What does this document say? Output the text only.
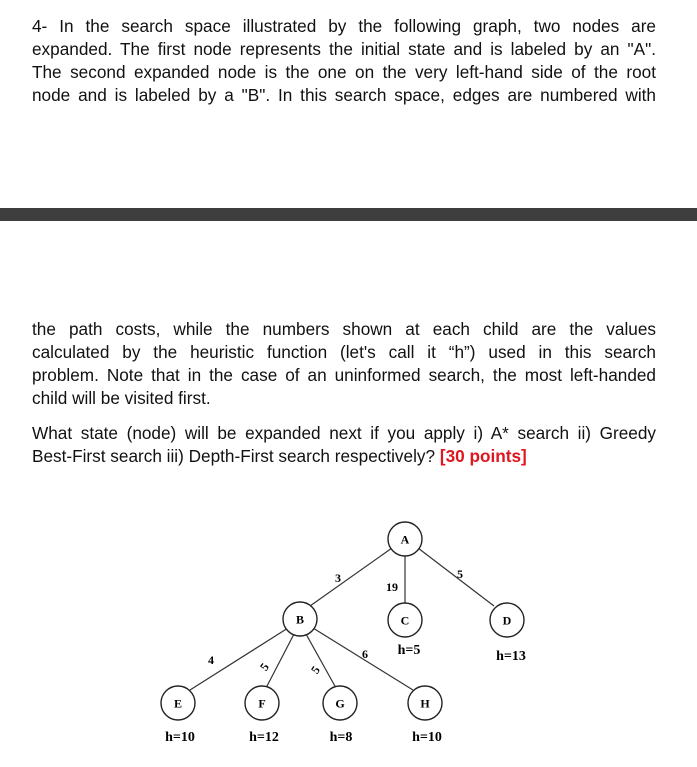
4- In the search space illustrated by the following graph, two nodes are

expanded. The first node represents the initial state and is labeled by an "A".

The second expanded node is the one on the very left-hand side of the root

node and is labeled by a "B". In this search space, edges are numbered with

the path costs, while the numbers shown at each child are the values

calculated by the heuristic function (let's call it “h”) used in this search

problem. Note that in the case of an uninformed search, the most left-handed

child will be visited first.

What state (node) will be expanded next if you apply i) A* search ii) Greedy

Best-First search iii) Depth-First search respectively? [30 points]

3
19
5
4	5	5
6
A
B	C	D
E	F	G	H
h=5	h=13
h=10	h=12	h=8	h=10
